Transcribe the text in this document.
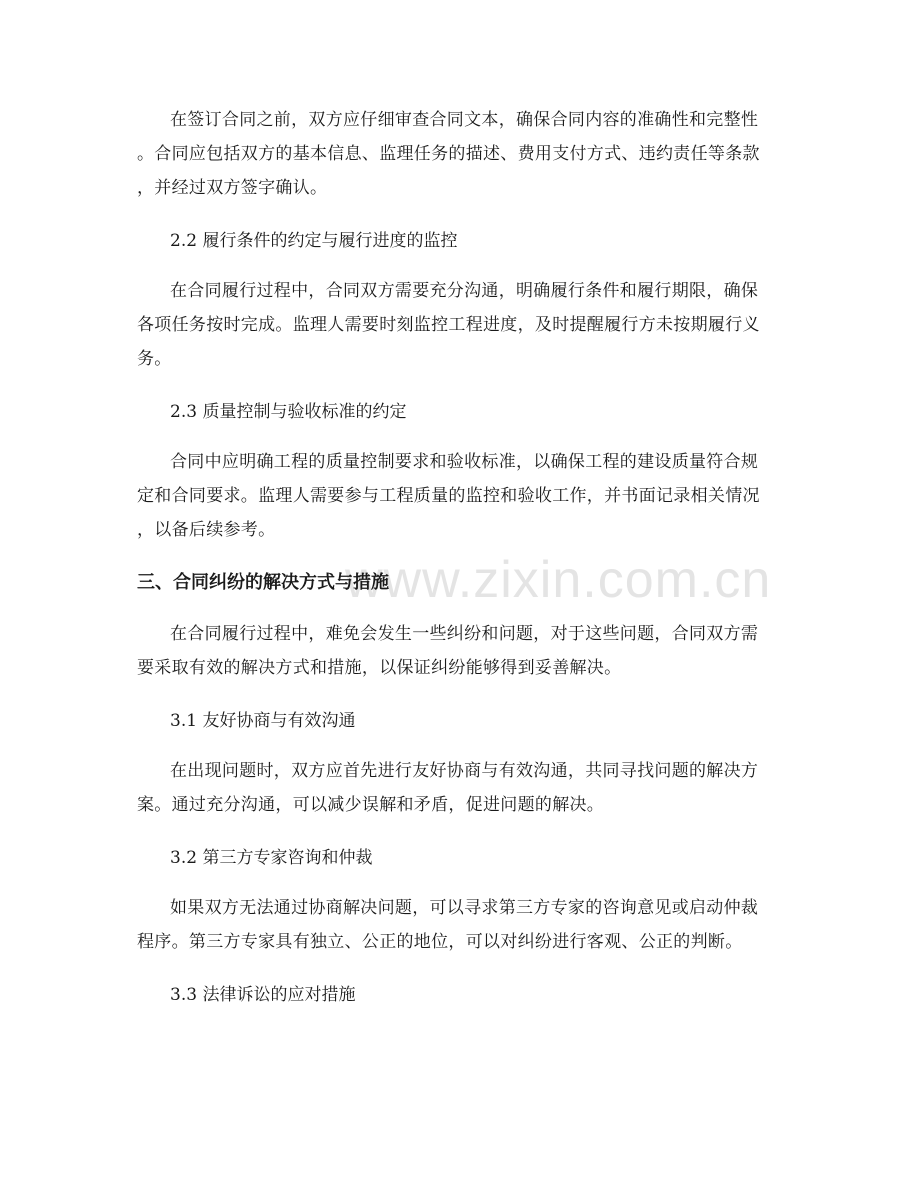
www.zixin.com.cn

在签订合同之前，双方应仔细审查合同文本，确保合同内容的准确性和完整性
。合同应包括双方的基本信息、监理任务的描述、费用支付方式、违约责任等条款
，并经过双方签字确认。

2.2 履行条件的约定与履行进度的监控

在合同履行过程中，合同双方需要充分沟通，明确履行条件和履行期限，确保
各项任务按时完成。监理人需要时刻监控工程进度，及时提醒履行方未按期履行义
务。

2.3 质量控制与验收标准的约定

合同中应明确工程的质量控制要求和验收标准，以确保工程的建设质量符合规
定和合同要求。监理人需要参与工程质量的监控和验收工作，并书面记录相关情况
，以备后续参考。

三、合同纠纷的解决方式与措施

在合同履行过程中，难免会发生一些纠纷和问题，对于这些问题，合同双方需
要采取有效的解决方式和措施，以保证纠纷能够得到妥善解决。

3.1 友好协商与有效沟通

在出现问题时，双方应首先进行友好协商与有效沟通，共同寻找问题的解决方
案。通过充分沟通，可以减少误解和矛盾，促进问题的解决。

3.2 第三方专家咨询和仲裁

如果双方无法通过协商解决问题，可以寻求第三方专家的咨询意见或启动仲裁
程序。第三方专家具有独立、公正的地位，可以对纠纷进行客观、公正的判断。

3.3 法律诉讼的应对措施
